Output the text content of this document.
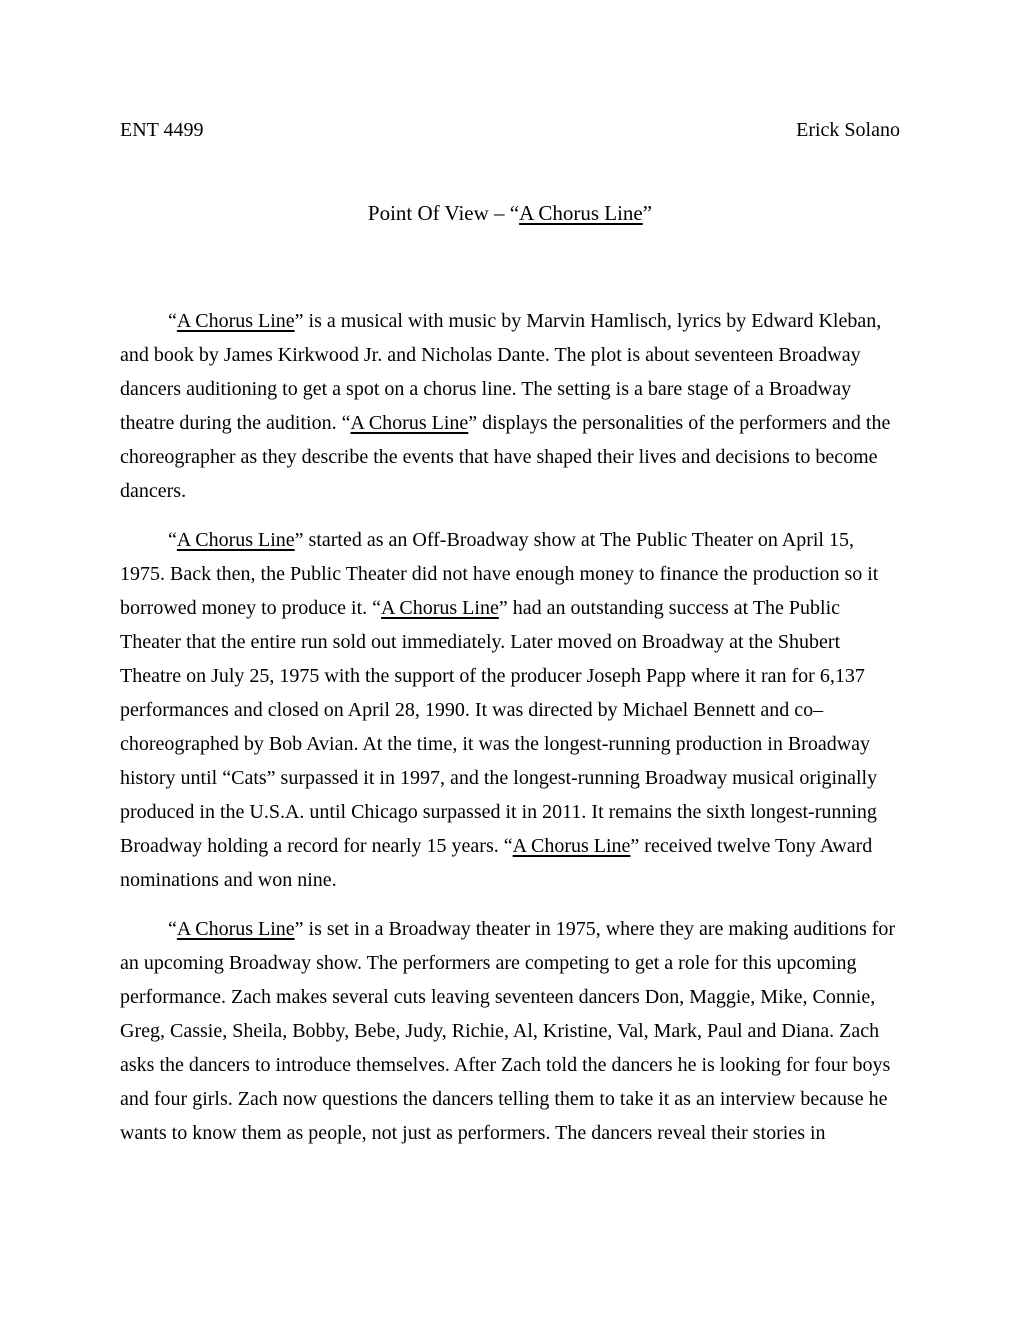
ENT 4499	Erick Solano
Point Of View – “A Chorus Line”

“A Chorus Line” is a musical with music by Marvin Hamlisch, lyrics by Edward Kleban, and book by James Kirkwood Jr. and Nicholas Dante. The plot is about seventeen Broadway dancers auditioning to get a spot on a chorus line. The setting is a bare stage of a Broadway theatre during the audition. “A Chorus Line” displays the personalities of the performers and the choreographer as they describe the events that have shaped their lives and decisions to become dancers.

“A Chorus Line” started as an Off-Broadway show at The Public Theater on April 15, 1975. Back then, the Public Theater did not have enough money to finance the production so it borrowed money to produce it. “A Chorus Line” had an outstanding success at The Public Theater that the entire run sold out immediately. Later moved on Broadway at the Shubert Theatre on July 25, 1975 with the support of the producer Joseph Papp where it ran for 6,137 performances and closed on April 28, 1990. It was directed by Michael Bennett and co–choreographed by Bob Avian. At the time, it was the longest-running production in Broadway history until “Cats” surpassed it in 1997, and the longest-running Broadway musical originally produced in the U.S.A. until Chicago surpassed it in 2011. It remains the sixth longest-running Broadway holding a record for nearly 15 years. “A Chorus Line” received twelve Tony Award nominations and won nine.

“A Chorus Line” is set in a Broadway theater in 1975, where they are making auditions for an upcoming Broadway show. The performers are competing to get a role for this upcoming performance. Zach makes several cuts leaving seventeen dancers Don, Maggie, Mike, Connie, Greg, Cassie, Sheila, Bobby, Bebe, Judy, Richie, Al, Kristine, Val, Mark, Paul and Diana. Zach asks the dancers to introduce themselves. After Zach told the dancers he is looking for four boys and four girls. Zach now questions the dancers telling them to take it as an interview because he wants to know them as people, not just as performers. The dancers reveal their stories in
